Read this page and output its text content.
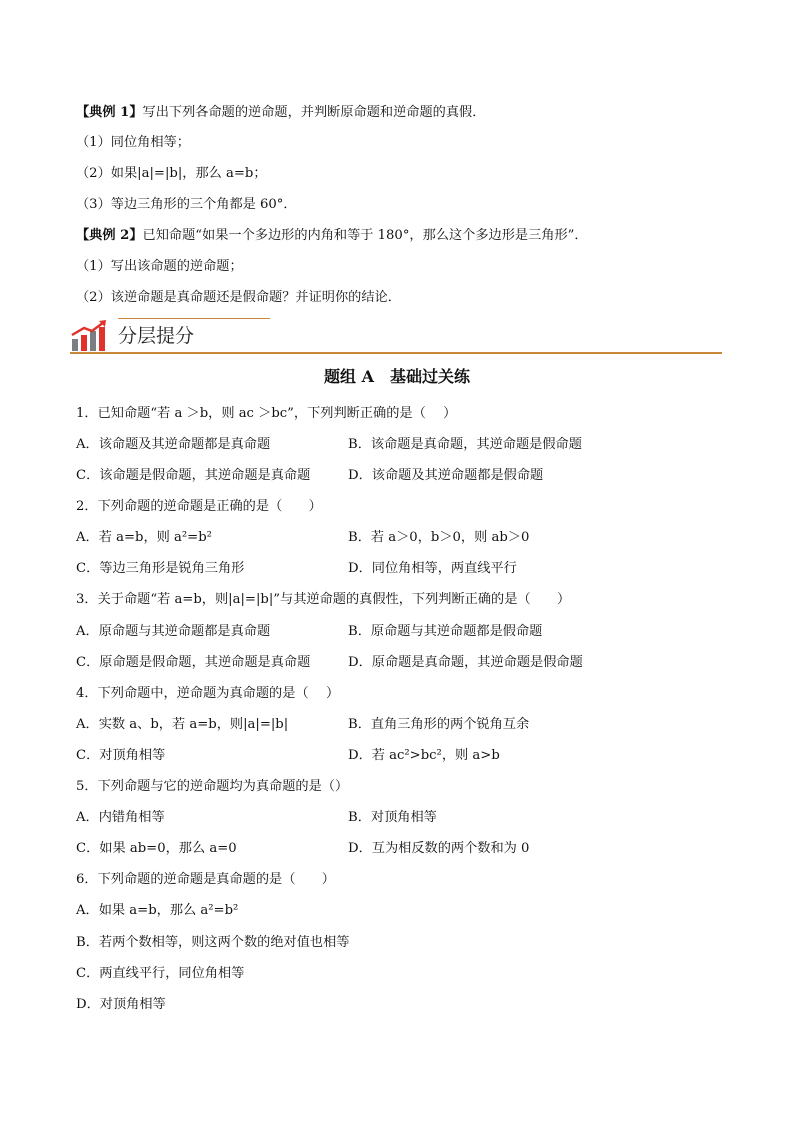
【典例 1】写出下列各命题的逆命题，并判断原命题和逆命题的真假．
（1）同位角相等；
（2）如果|a|=|b|，那么 a=b；
（3）等边三角形的三个角都是 60°．
【典例 2】已知命题“如果一个多边形的内角和等于 180°，那么这个多边形是三角形”．
（1）写出该命题的逆命题；
（2）该逆命题是真命题还是假命题？并证明你的结论．
分层提分
题组 A　基础过关练
1．已知命题“若 a ＞b，则 ac ＞bc”，下列判断正确的是（　 ）
A．该命题及其逆命题都是真命题	B．该命题是真命题，其逆命题是假命题
C．该命题是假命题，其逆命题是真命题	D．该命题及其逆命题都是假命题
2．下列命题的逆命题是正确的是（　　）
A．若 a=b，则 a²=b²	B．若 a＞0，b＞0，则 ab＞0
C．等边三角形是锐角三角形	D．同位角相等，两直线平行
3．关于命题“若 a=b，则|a|=|b|”与其逆命题的真假性，下列判断正确的是（　　）
A．原命题与其逆命题都是真命题	B．原命题与其逆命题都是假命题
C．原命题是假命题，其逆命题是真命题	D．原命题是真命题，其逆命题是假命题
4．下列命题中，逆命题为真命题的是（　 ）
A．实数 a、b，若 a=b，则|a|=|b|	B．直角三角形的两个锐角互余
C．对顶角相等	D．若 ac²>bc²，则 a>b
5．下列命题与它的逆命题均为真命题的是（）
A．内错角相等	B．对顶角相等
C．如果 ab=0，那么 a=0	D．互为相反数的两个数和为 0
6．下列命题的逆命题是真命题的是（　　）
A．如果 a=b，那么 a²=b²
B．若两个数相等，则这两个数的绝对值也相等
C．两直线平行，同位角相等
D．对顶角相等
